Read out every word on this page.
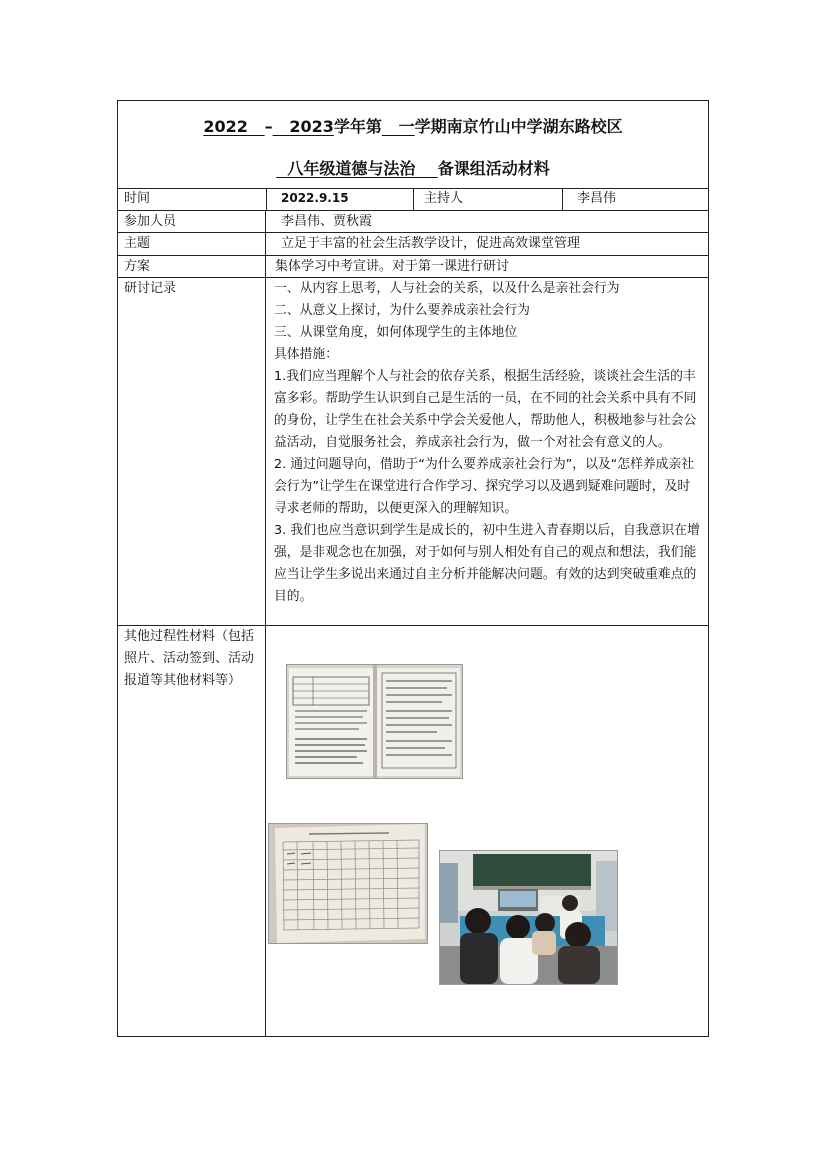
2022 – 2023学年第 一学期南京竹山中学湖东路校区
八年级道德与法治 备课组活动材料
时间	2022.9.15	主持人	李昌伟
参加人员	李昌伟、贾秋霞
主题	立足于丰富的社会生活教学设计，促进高效课堂管理
方案	集体学习中考宣讲。对于第一课进行研讨
研讨记录	一、从内容上思考，人与社会的关系，以及什么是亲社会行为

二、从意义上探讨，为什么要养成亲社会行为

三、从课堂角度，如何体现学生的主体地位

具体措施：

1.我们应当理解个人与社会的依存关系，根据生活经验，谈谈社会生活的丰富多彩。帮助学生认识到自己是生活的一员，在不同的社会关系中具有不同的身份，让学生在社会关系中学会关爱他人，帮助他人，积极地参与社会公益活动，自觉服务社会，养成亲社会行为，做一个对社会有意义的人。

2. 通过问题导向，借助于“为什么要养成亲社会行为”，以及“怎样养成亲社会行为”让学生在课堂进行合作学习、探究学习以及遇到疑难问题时，及时寻求老师的帮助，以便更深入的理解知识。

3. 我们也应当意识到学生是成长的，初中生进入青春期以后，自我意识在增强，是非观念也在加强，对于如何与别人相处有自己的观点和想法，我们能应当让学生多说出来通过自主分析并能解决问题。有效的达到突破重难点的目的。

其他过程性材料（包括照片、活动签到、活动报道等其他材料等）
